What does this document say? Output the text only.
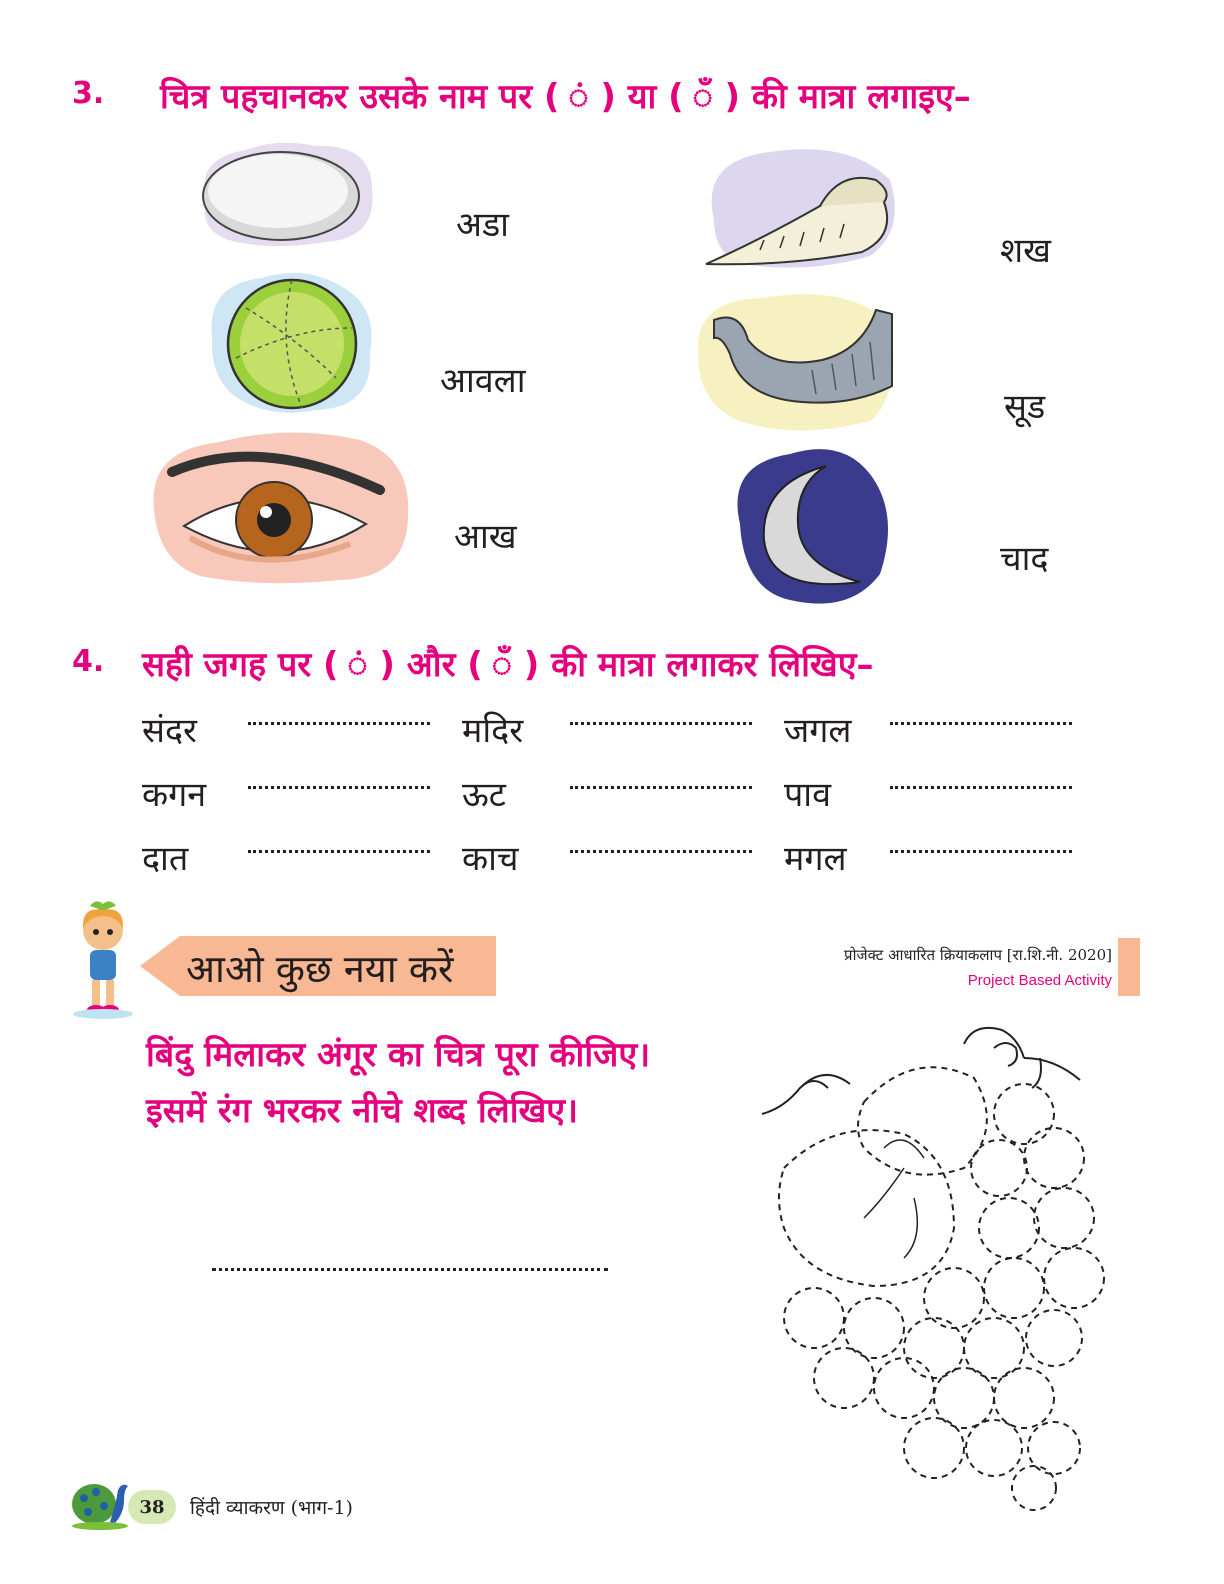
3. चित्र पहचानकर उसके नाम पर ( ं ) या ( ँ ) की मात्रा लगाइए–
अडा
आवला
आख
शख
सूड
चाद
4. सही जगह पर ( ं ) और ( ँ ) की मात्रा लगाकर लिखिए–
संदर	मदिर	जगल
कगन	ऊट	पाव
दात	काच	मगल
आओ कुछ नया करें	प्रोजेक्ट आधारित क्रियाकलाप [रा.शि.नी. 2020]
Project Based Activity
बिंदु मिलाकर अंगूर का चित्र पूरा कीजिए।
इसमें रंग भरकर नीचे शब्द लिखिए।
38	हिंदी व्याकरण (भाग-1)
